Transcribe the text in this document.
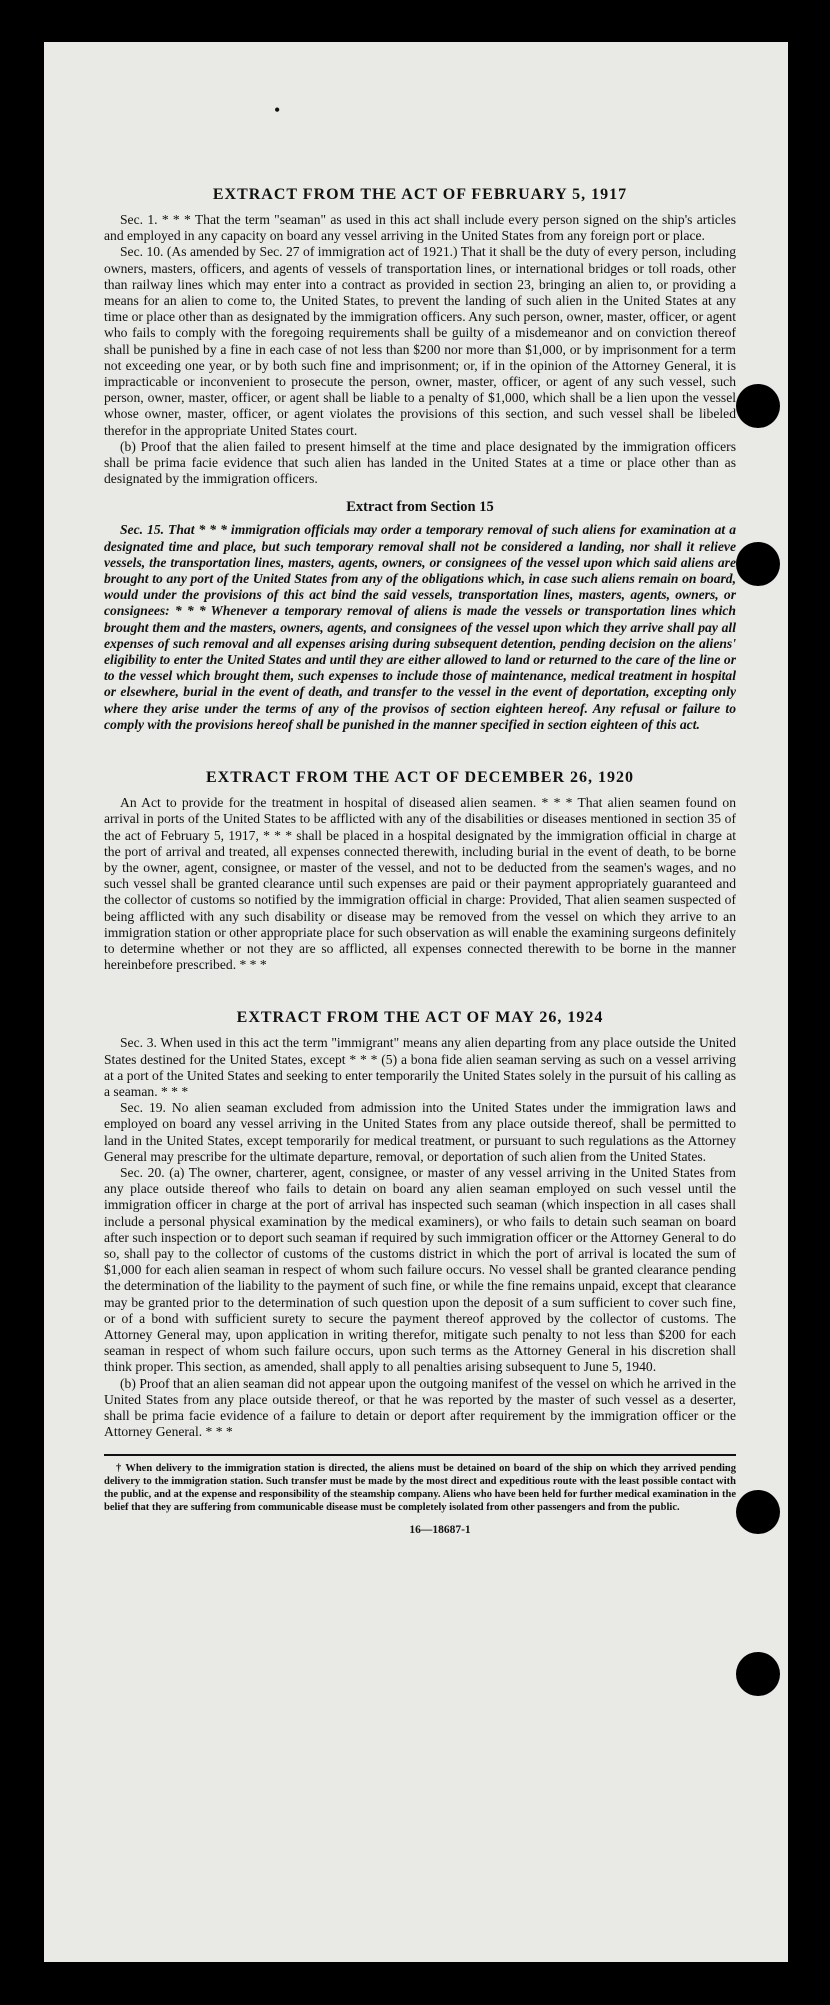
•
EXTRACT FROM THE ACT OF FEBRUARY 5, 1917

Sec. 1. * * * That the term "seaman" as used in this act shall include every person signed on the ship's articles and employed in any capacity on board any vessel arriving in the United States from any foreign port or place.

Sec. 10. (As amended by Sec. 27 of immigration act of 1921.) That it shall be the duty of every person, including owners, masters, officers, and agents of vessels of transportation lines, or international bridges or toll roads, other than railway lines which may enter into a contract as provided in section 23, bringing an alien to, or providing a means for an alien to come to, the United States, to prevent the landing of such alien in the United States at any time or place other than as designated by the immigration officers. Any such person, owner, master, officer, or agent who fails to comply with the foregoing requirements shall be guilty of a misdemeanor and on conviction thereof shall be punished by a fine in each case of not less than $200 nor more than $1,000, or by imprisonment for a term not exceeding one year, or by both such fine and imprisonment; or, if in the opinion of the Attorney General, it is impracticable or inconvenient to prosecute the person, owner, master, officer, or agent of any such vessel, such person, owner, master, officer, or agent shall be liable to a penalty of $1,000, which shall be a lien upon the vessel whose owner, master, officer, or agent violates the provisions of this section, and such vessel shall be libeled therefor in the appropriate United States court.

(b) Proof that the alien failed to present himself at the time and place designated by the immigration officers shall be prima facie evidence that such alien has landed in the United States at a time or place other than as designated by the immigration officers.

Extract from Section 15

Sec. 15. That * * * immigration officials may order a temporary removal of such aliens for examination at a designated time and place, but such temporary removal shall not be considered a landing, nor shall it relieve vessels, the transportation lines, masters, agents, owners, or consignees of the vessel upon which said aliens are brought to any port of the United States from any of the obligations which, in case such aliens remain on board, would under the provisions of this act bind the said vessels, transportation lines, masters, agents, owners, or consignees: * * * Whenever a temporary removal of aliens is made the vessels or transportation lines which brought them and the masters, owners, agents, and consignees of the vessel upon which they arrive shall pay all expenses of such removal and all expenses arising during subsequent detention, pending decision on the aliens' eligibility to enter the United States and until they are either allowed to land or returned to the care of the line or to the vessel which brought them, such expenses to include those of maintenance, medical treatment in hospital or elsewhere, burial in the event of death, and transfer to the vessel in the event of deportation, excepting only where they arise under the terms of any of the provisos of section eighteen hereof. Any refusal or failure to comply with the provisions hereof shall be punished in the manner specified in section eighteen of this act.

EXTRACT FROM THE ACT OF DECEMBER 26, 1920

An Act to provide for the treatment in hospital of diseased alien seamen. * * * That alien seamen found on arrival in ports of the United States to be afflicted with any of the disabilities or diseases mentioned in section 35 of the act of February 5, 1917, * * * shall be placed in a hospital designated by the immigration official in charge at the port of arrival and treated, all expenses connected therewith, including burial in the event of death, to be borne by the owner, agent, consignee, or master of the vessel, and not to be deducted from the seamen's wages, and no such vessel shall be granted clearance until such expenses are paid or their payment appropriately guaranteed and the collector of customs so notified by the immigration official in charge: Provided, That alien seamen suspected of being afflicted with any such disability or disease may be removed from the vessel on which they arrive to an immigration station or other appropriate place for such observation as will enable the examining surgeons definitely to determine whether or not they are so afflicted, all expenses connected therewith to be borne in the manner hereinbefore prescribed. * * *

EXTRACT FROM THE ACT OF MAY 26, 1924

Sec. 3. When used in this act the term "immigrant" means any alien departing from any place outside the United States destined for the United States, except * * * (5) a bona fide alien seaman serving as such on a vessel arriving at a port of the United States and seeking to enter temporarily the United States solely in the pursuit of his calling as a seaman. * * *

Sec. 19. No alien seaman excluded from admission into the United States under the immigration laws and employed on board any vessel arriving in the United States from any place outside thereof, shall be permitted to land in the United States, except temporarily for medical treatment, or pursuant to such regulations as the Attorney General may prescribe for the ultimate departure, removal, or deportation of such alien from the United States.

Sec. 20. (a) The owner, charterer, agent, consignee, or master of any vessel arriving in the United States from any place outside thereof who fails to detain on board any alien seaman employed on such vessel until the immigration officer in charge at the port of arrival has inspected such seaman (which inspection in all cases shall include a personal physical examination by the medical examiners), or who fails to detain such seaman on board after such inspection or to deport such seaman if required by such immigration officer or the Attorney General to do so, shall pay to the collector of customs of the customs district in which the port of arrival is located the sum of $1,000 for each alien seaman in respect of whom such failure occurs. No vessel shall be granted clearance pending the determination of the liability to the payment of such fine, or while the fine remains unpaid, except that clearance may be granted prior to the determination of such question upon the deposit of a sum sufficient to cover such fine, or of a bond with sufficient surety to secure the payment thereof approved by the collector of customs. The Attorney General may, upon application in writing therefor, mitigate such penalty to not less than $200 for each seaman in respect of whom such failure occurs, upon such terms as the Attorney General in his discretion shall think proper. This section, as amended, shall apply to all penalties arising subsequent to June 5, 1940.

(b) Proof that an alien seaman did not appear upon the outgoing manifest of the vessel on which he arrived in the United States from any place outside thereof, or that he was reported by the master of such vessel as a deserter, shall be prima facie evidence of a failure to detain or deport after requirement by the immigration officer or the Attorney General. * * *

† When delivery to the immigration station is directed, the aliens must be detained on board of the ship on which they arrived pending delivery to the immigration station. Such transfer must be made by the most direct and expeditious route with the least possible contact with the public, and at the expense and responsibility of the steamship company. Aliens who have been held for further medical examination in the belief that they are suffering from communicable disease must be completely isolated from other passengers and from the public.

16—18687-1
